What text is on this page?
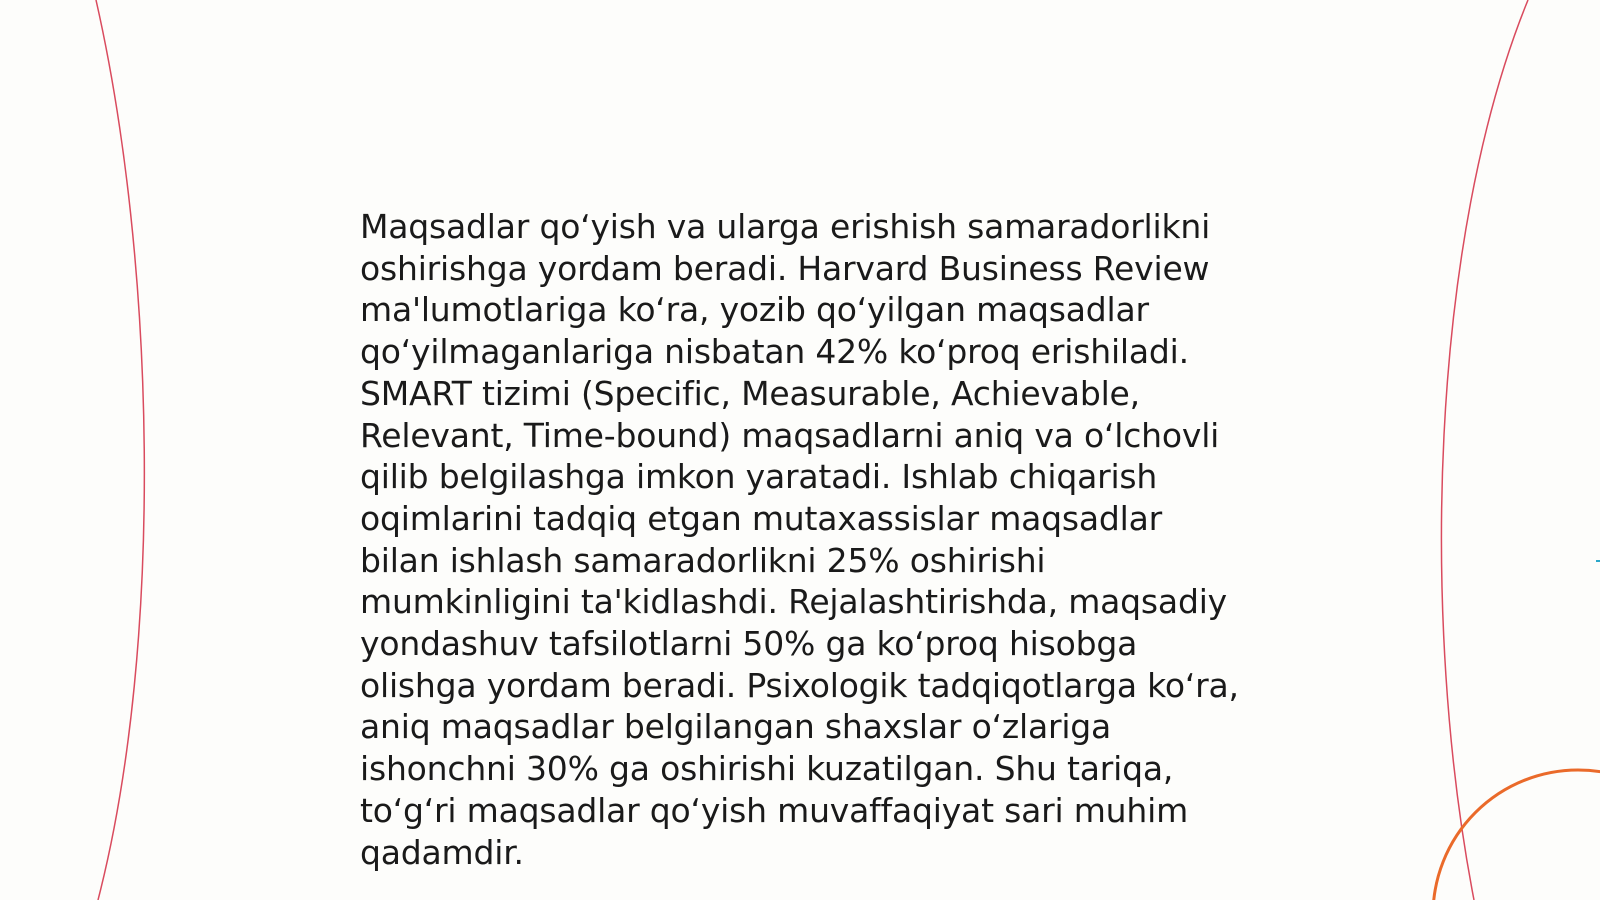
Maqsadlar qo‘yish va ularga erishish samaradorlikni
oshirishga yordam beradi. Harvard Business Review
ma'lumotlariga ko‘ra, yozib qo‘yilgan maqsadlar
qo‘yilmaganlariga nisbatan 42% ko‘proq erishiladi.
SMART tizimi (Specific, Measurable, Achievable,
Relevant, Time-bound) maqsadlarni aniq va o‘lchovli
qilib belgilashga imkon yaratadi. Ishlab chiqarish
oqimlarini tadqiq etgan mutaxassislar maqsadlar
bilan ishlash samaradorlikni 25% oshirishi
mumkinligini ta'kidlashdi. Rejalashtirishda, maqsadiy
yondashuv tafsilotlarni 50% ga ko‘proq hisobga
olishga yordam beradi. Psixologik tadqiqotlarga ko‘ra,
aniq maqsadlar belgilangan shaxslar o‘zlariga
ishonchni 30% ga oshirishi kuzatilgan. Shu tariqa,
to‘g‘ri maqsadlar qo‘yish muvaffaqiyat sari muhim
qadamdir.
